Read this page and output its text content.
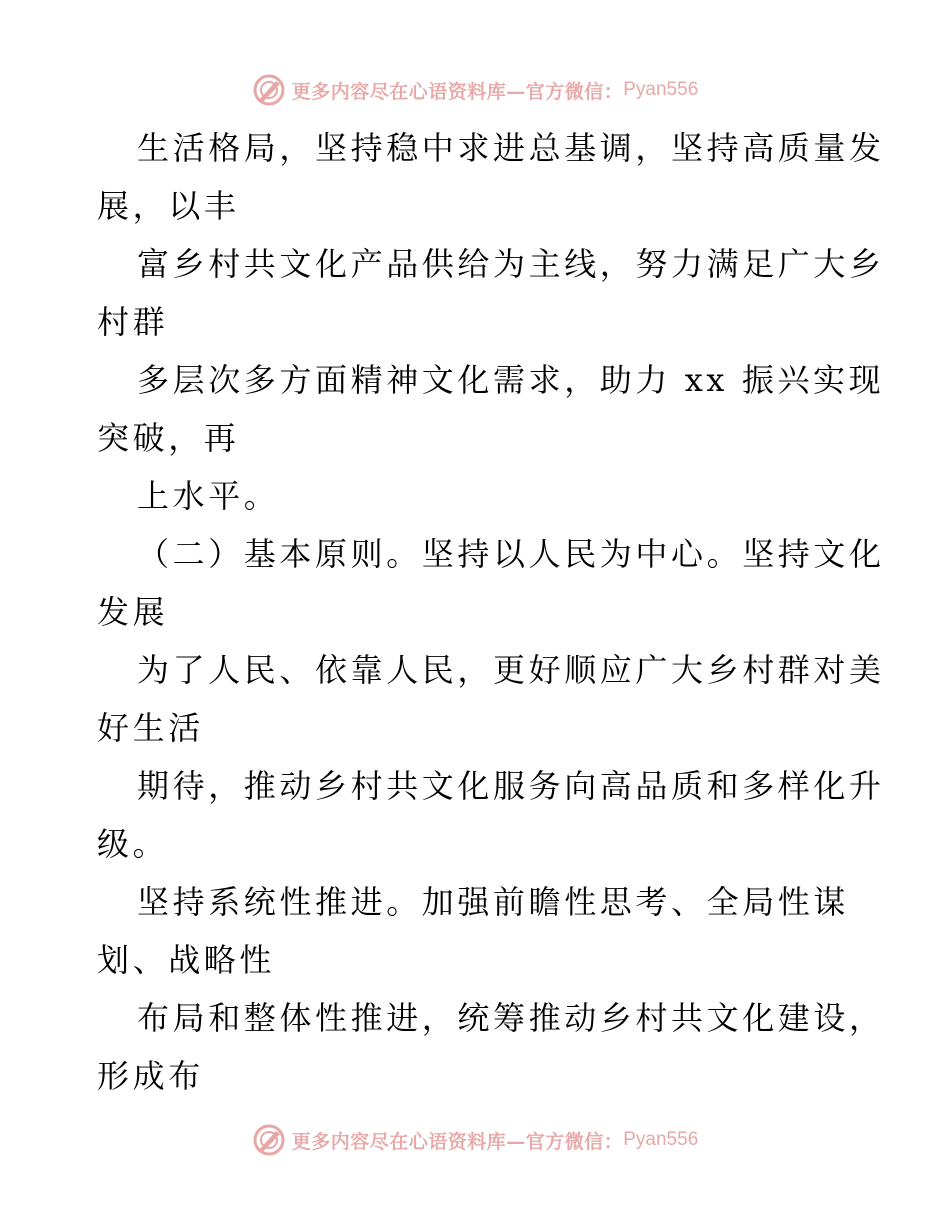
更多内容尽在心语资料库—官方微信： Pyan556
生活格局，坚持稳中求进总基调，坚持高质量发
展，以丰
富乡村共文化产品供给为主线，努力满足广大乡
村群
多层次多方面精神文化需求，助力 xx 振兴实现
突破，再
上水平。
（二）基本原则。坚持以人民为中心。坚持文化
发展
为了人民、依靠人民，更好顺应广大乡村群对美
好生活
期待，推动乡村共文化服务向高品质和多样化升
级。
坚持系统性推进。加强前瞻性思考、全局性谋
划、战略性
布局和整体性推进，统筹推动乡村共文化建设，
形成布
更多内容尽在心语资料库—官方微信： Pyan556
